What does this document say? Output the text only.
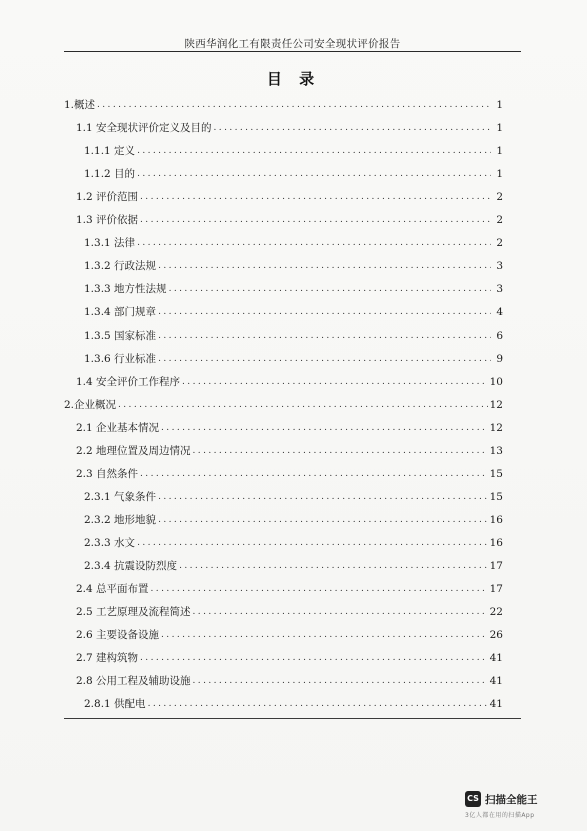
陕西华润化工有限责任公司安全现状评价报告
目 录
1.概述 .....	1
1.1 安全现状评价定义及目的 .....	1
1.1.1 定义 .....	1
1.1.2 目的 .....	1
1.2 评价范围 .....	2
1.3 评价依据 .....	2
1.3.1 法律 .....	2
1.3.2 行政法规 .....	3
1.3.3 地方性法规 .....	3
1.3.4 部门规章 .....	4
1.3.5 国家标准 .....	6
1.3.6 行业标准 .....	9
1.4 安全评价工作程序 .....	10
2.企业概况 .....	12
2.1 企业基本情况 .....	12
2.2 地理位置及周边情况 .....	13
2.3 自然条件 .....	15
2.3.1 气象条件 .....	15
2.3.2 地形地貌 .....	16
2.3.3 水文 .....	16
2.3.4 抗震设防烈度 .....	17
2.4 总平面布置 .....	17
2.5 工艺原理及流程简述 .....	22
2.6 主要设备设施 .....	26
2.7 建构筑物 .....	41
2.8 公用工程及辅助设施 .....	41
2.8.1 供配电 .....	41
CS 扫描全能王
3亿人都在用的扫描App
